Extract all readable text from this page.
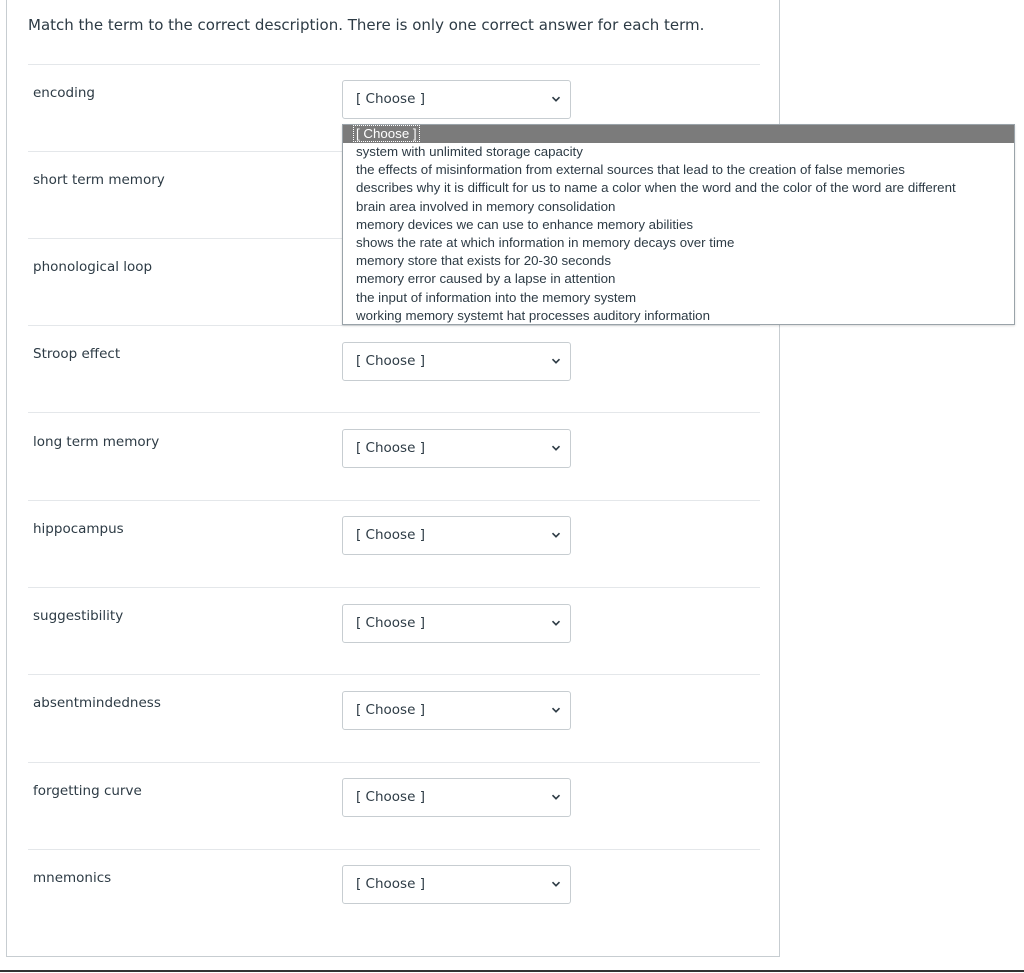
Match the term to the correct description. There is only one correct answer for each term.
encoding
short term memory
phonological loop
Stroop effect
long term memory
hippocampus
suggestibility
absentmindedness
forgetting curve
mnemonics
[ Choose ]
[ Choose ]
[ Choose ]
[ Choose ]
[ Choose ]
[ Choose ]
[ Choose ]
[ Choose ]
[ Choose ]
system with unlimited storage capacity
the effects of misinformation from external sources that lead to the creation of false memories
describes why it is difficult for us to name a color when the word and the color of the word are different
brain area involved in memory consolidation
memory devices we can use to enhance memory abilities
shows the rate at which information in memory decays over time
memory store that exists for 20-30 seconds
memory error caused by a lapse in attention
the input of information into the memory system
working memory systemt hat processes auditory information
